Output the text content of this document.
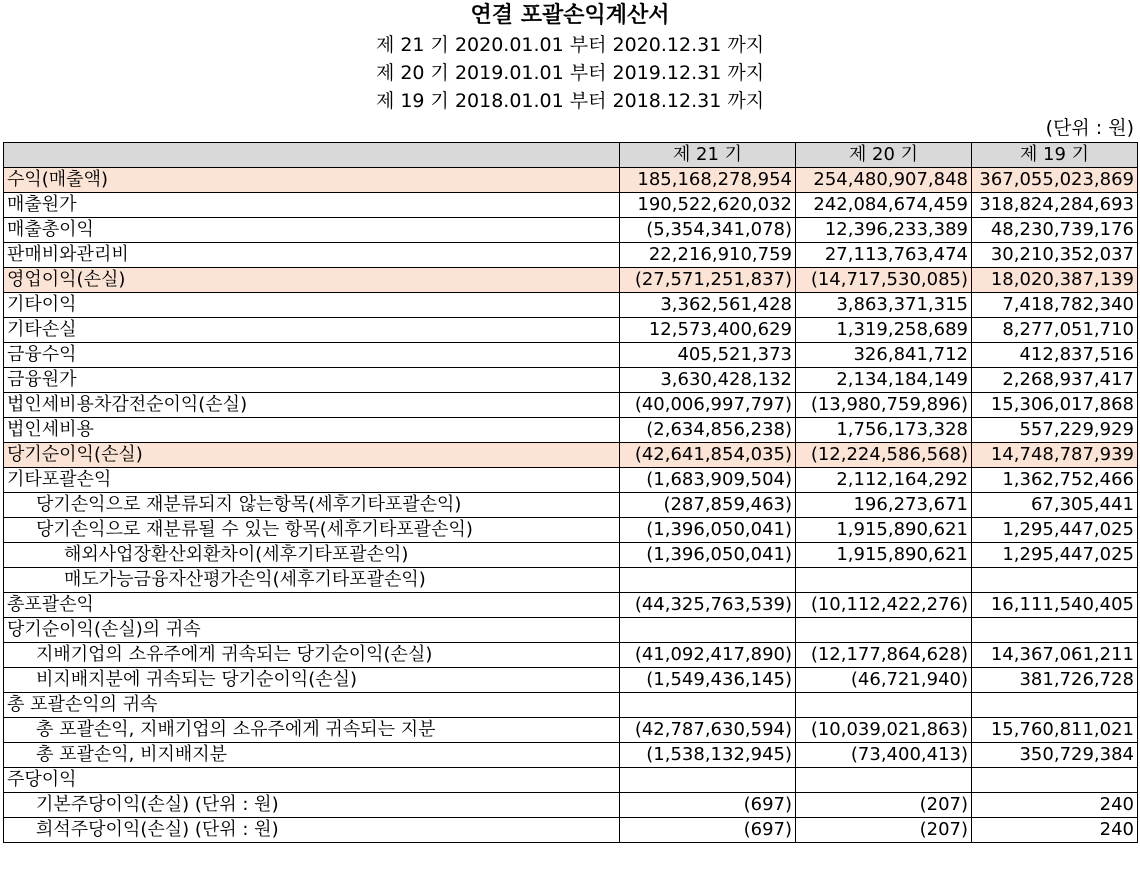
연결 포괄손익계산서
제 21 기 2020.01.01 부터 2020.12.31 까지
제 20 기 2019.01.01 부터 2019.12.31 까지
제 19 기 2018.01.01 부터 2018.12.31 까지
(단위 : 원)
	제 21 기	제 20 기	제 19 기
수익(매출액)	185,168,278,954	254,480,907,848	367,055,023,869
매출원가	190,522,620,032	242,084,674,459	318,824,284,693
매출총이익	(5,354,341,078)	12,396,233,389	48,230,739,176
판매비와관리비	22,216,910,759	27,113,763,474	30,210,352,037
영업이익(손실)	(27,571,251,837)	(14,717,530,085)	18,020,387,139
기타이익	3,362,561,428	3,863,371,315	7,418,782,340
기타손실	12,573,400,629	1,319,258,689	8,277,051,710
금융수익	405,521,373	326,841,712	412,837,516
금융원가	3,630,428,132	2,134,184,149	2,268,937,417
법인세비용차감전순이익(손실)	(40,006,997,797)	(13,980,759,896)	15,306,017,868
법인세비용	(2,634,856,238)	1,756,173,328	557,229,929
당기순이익(손실)	(42,641,854,035)	(12,224,586,568)	14,748,787,939
기타포괄손익	(1,683,909,504)	2,112,164,292	1,362,752,466
당기손익으로 재분류되지 않는항목(세후기타포괄손익)	(287,859,463)	196,273,671	67,305,441
당기손익으로 재분류될 수 있는 항목(세후기타포괄손익)	(1,396,050,041)	1,915,890,621	1,295,447,025
해외사업장환산외환차이(세후기타포괄손익)	(1,396,050,041)	1,915,890,621	1,295,447,025
매도가능금융자산평가손익(세후기타포괄손익)			
총포괄손익	(44,325,763,539)	(10,112,422,276)	16,111,540,405
당기순이익(손실)의 귀속			
지배기업의 소유주에게 귀속되는 당기순이익(손실)	(41,092,417,890)	(12,177,864,628)	14,367,061,211
비지배지분에 귀속되는 당기순이익(손실)	(1,549,436,145)	(46,721,940)	381,726,728
총 포괄손익의 귀속			
총 포괄손익, 지배기업의 소유주에게 귀속되는 지분	(42,787,630,594)	(10,039,021,863)	15,760,811,021
총 포괄손익, 비지배지분	(1,538,132,945)	(73,400,413)	350,729,384
주당이익			
기본주당이익(손실) (단위 : 원)	(697)	(207)	240
희석주당이익(손실) (단위 : 원)	(697)	(207)	240
